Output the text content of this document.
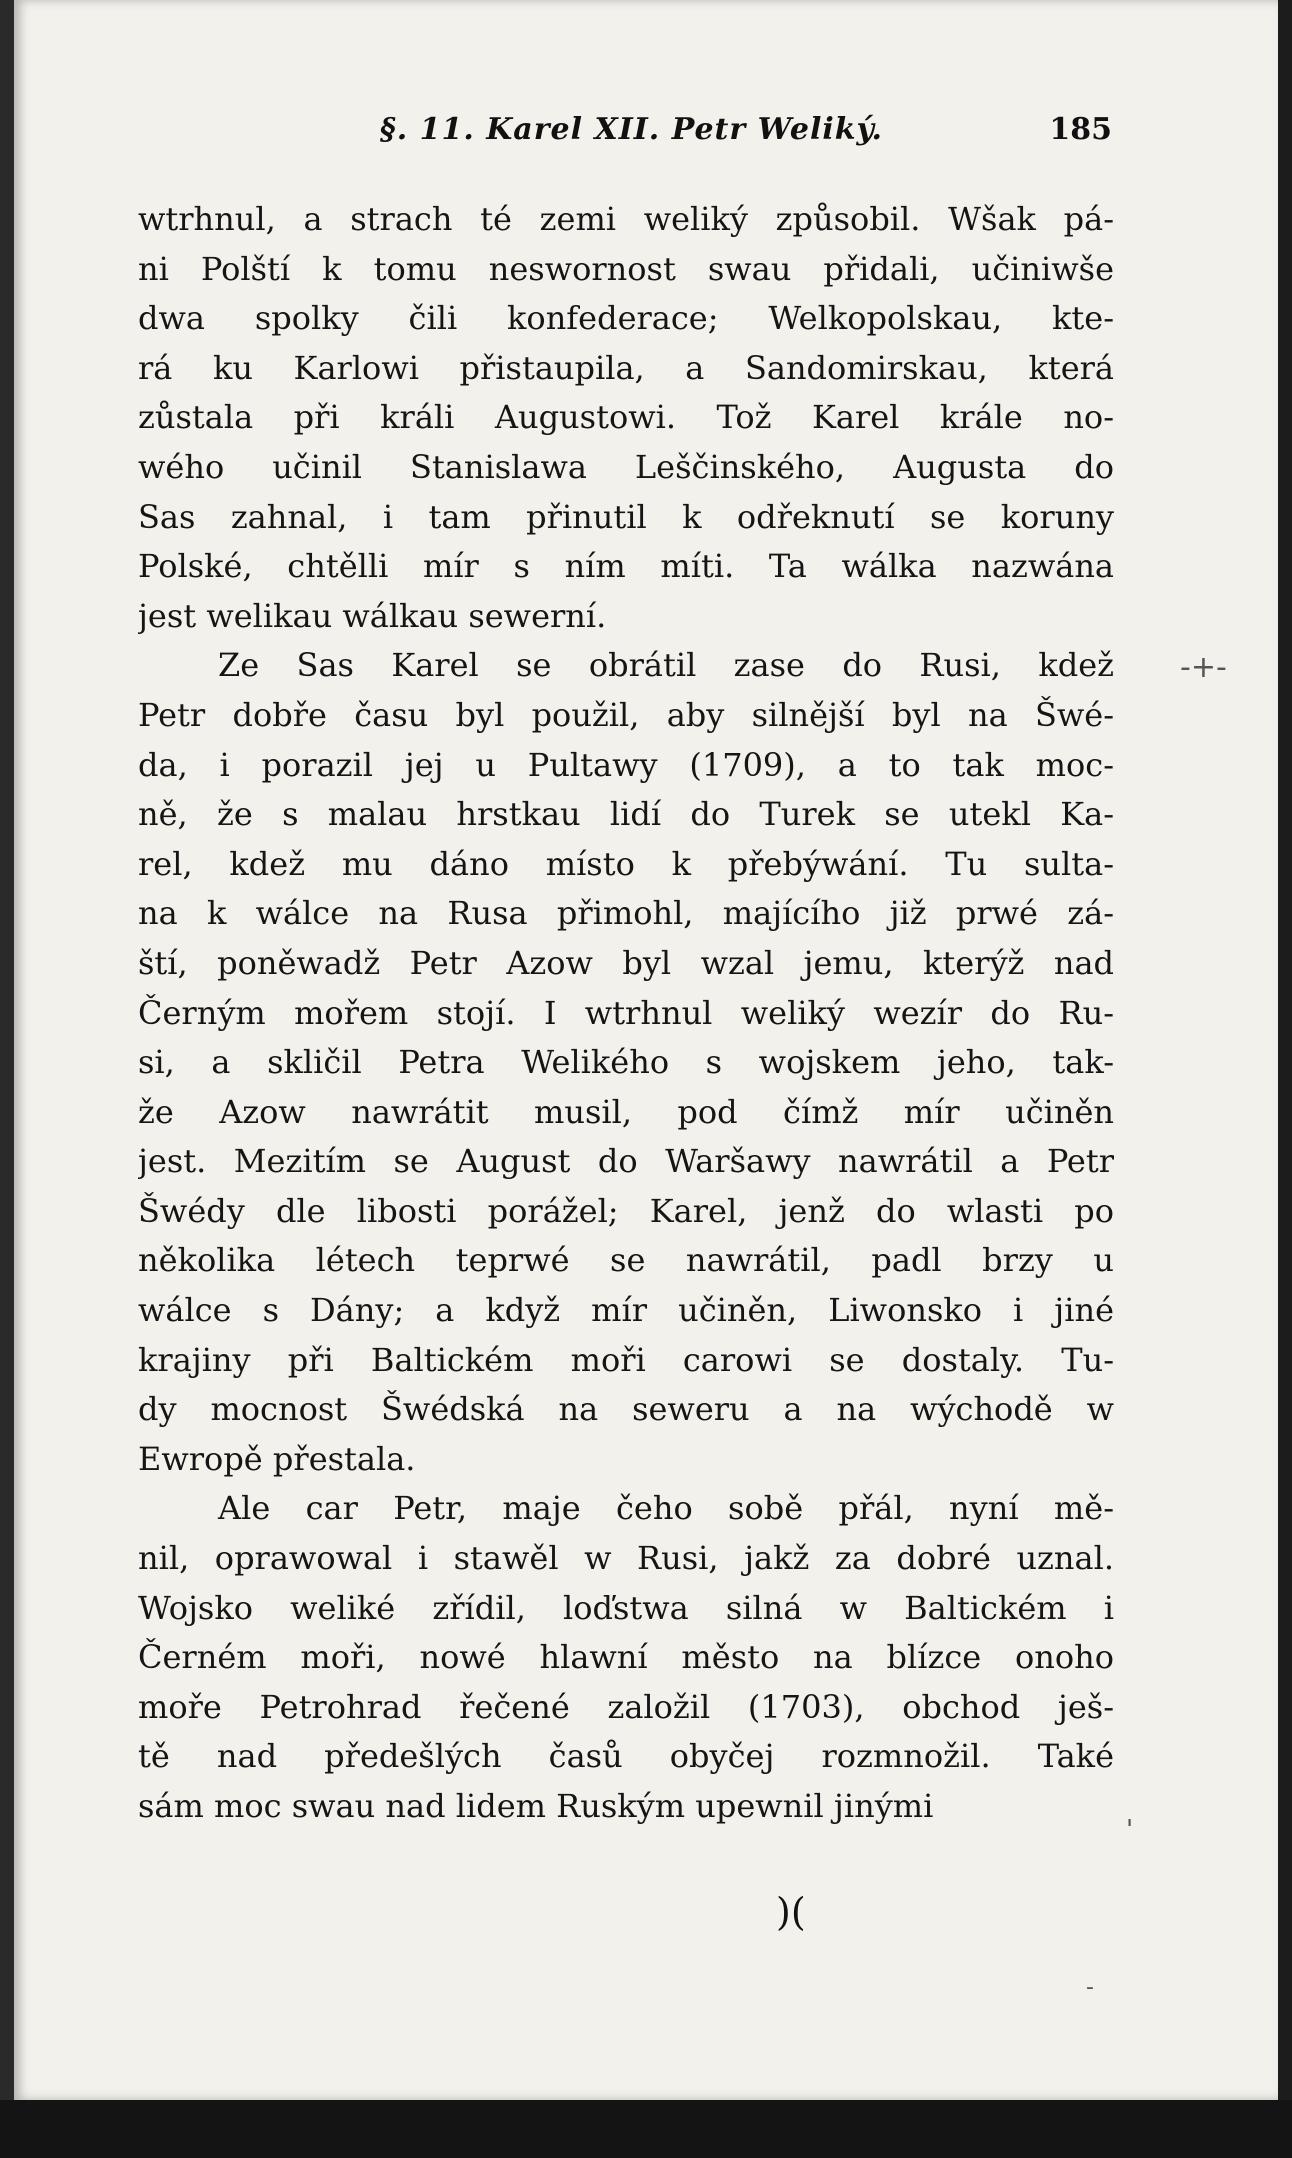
§. 11. Karel XII. Petr Weliký.	185
wtrhnul, a strach té zemi weliký způsobil. Wšak pá-
ni Polští k tomu neswornost swau přidali, učiniwše
dwa spolky čili konfederace; Welkopolskau, kte-
rá ku Karlowi přistaupila, a Sandomirskau, která
zůstala při králi Augustowi. Tož Karel krále no-
wého učinil Stanislawa Leščinského, Augusta do
Sas zahnal, i tam přinutil k odřeknutí se koruny
Polské, chtělli mír s ním míti. Ta wálka nazwána
jest welikau wálkau sewerní.
Ze Sas Karel se obrátil zase do Rusi, kdež
Petr dobře času byl použil, aby silnější byl na Šwé-
da, i porazil jej u Pultawy (1709), a to tak moc-
ně, že s malau hrstkau lidí do Turek se utekl Ka-
rel, kdež mu dáno místo k přebýwání. Tu sulta-
na k wálce na Rusa přimohl, majícího již prwé zá-
ští, poněwadž Petr Azow byl wzal jemu, kterýž nad
Černým mořem stojí. I wtrhnul weliký wezír do Ru-
si, a skličil Petra Welikého s wojskem jeho, tak-
že Azow nawrátit musil, pod čímž mír učiněn
jest. Mezitím se August do Waršawy nawrátil a Petr
Šwédy dle libosti porážel; Karel, jenž do wlasti po
několika létech teprwé se nawrátil, padl brzy u
wálce s Dány; a když mír učiněn, Liwonsko i jiné
krajiny při Baltickém moři carowi se dostaly. Tu-
dy mocnost Šwédská na seweru a na wýchodě w
Ewropě přestala.
Ale car Petr, maje čeho sobě přál, nyní mě-
nil, oprawowal i stawěl w Rusi, jakž za dobré uznal.
Wojsko weliké zřídil, loďstwa silná w Baltickém i
Černém moři, nowé hlawní město na blízce onoho
moře Petrohrad řečené založil (1703), obchod ješ-
tě nad předešlých časů obyčej rozmnožil. Také
sám moc swau nad lidem Ruským upewnil jinými
)(
-+-
'
-
